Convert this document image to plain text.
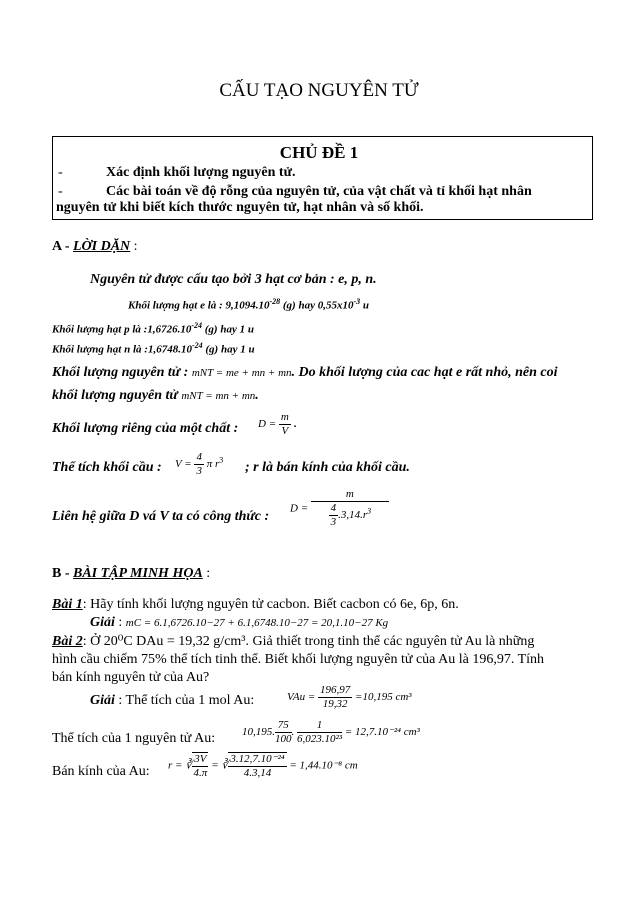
CẤU TẠO NGUYÊN TỬ
CHỦ ĐỀ 1
-	Xác định khối lượng nguyên tử.
-	Các bài toán về độ rỗng của nguyên tử, của vật chất và tỉ khối hạt nhân
nguyên tử khi biết kích thước nguyên tử, hạt nhân và số khối.
A - LỜI DẶN :
Nguyên tử được cấu tạo bởi 3 hạt cơ bản : e, p, n.
Khối lượng hạt e là : $9,1094.10^{-28}$ (g) hay $0,55x10^{-3}$ u
Khối lượng hạt p là $:1,6726.10^{-24}$ (g) hay 1 u
Khối lượng hạt n là $:1,6748.10^{-24}$ (g) hay 1 u
Khối lượng nguyên tử : mNT = me + mn + mn. Do khối lượng của cac hạt e rất nhỏ, nên coi
khối lượng nguyên tử mNT = mn + mn.
Khối lượng riêng của một chất : $D = \frac{m}{V}$ .
Thể tích khối cầu : $V = \frac{4}{3}$ π $r^3$
; r là bán kính của khối cầu.
Liên hệ giữa D vá V ta có công thức :
$D = \frac{m}{\frac{4}{3} .3,14.r^3}$
B - BÀI TẬP MINH HỌA :
Bài 1: Hãy tính khối lượng nguyên tử cacbon. Biết cacbon có 6e, 6p, 6n.
Giải : mC = 6.1,6726.10−27 + 6.1,6748.10−27 = 20,1.10−27 Kg
Bài 2: Ở 20⁰C DAu = 19,32 g/cm³. Giả thiết trong tinh thể các nguyên tử Au là những
hình cầu chiếm 75% thể tích tinh thể. Biết khối lượng nguyên tử của Au là 196,97. Tính
bán kính nguyên tử của Au?
Giải : Thể tích của 1 mol Au:	VAu = $\frac{196,97}{19,32} =10,195$ cm³
Thể tích của 1 nguyên tử Au: 10,195. $\frac{75}{100}$ . $\frac{1}{\text{6,023.10²³}} = 12,7.10^{-24}$ cm³
Bán kính của Au: r = ∛ $\frac{3V}{4.\pi}$ = ∛ $\frac{\text{3.12,7.10⁻²⁴}}{4.3,14} = 1,44.10^{-8}$ cm
